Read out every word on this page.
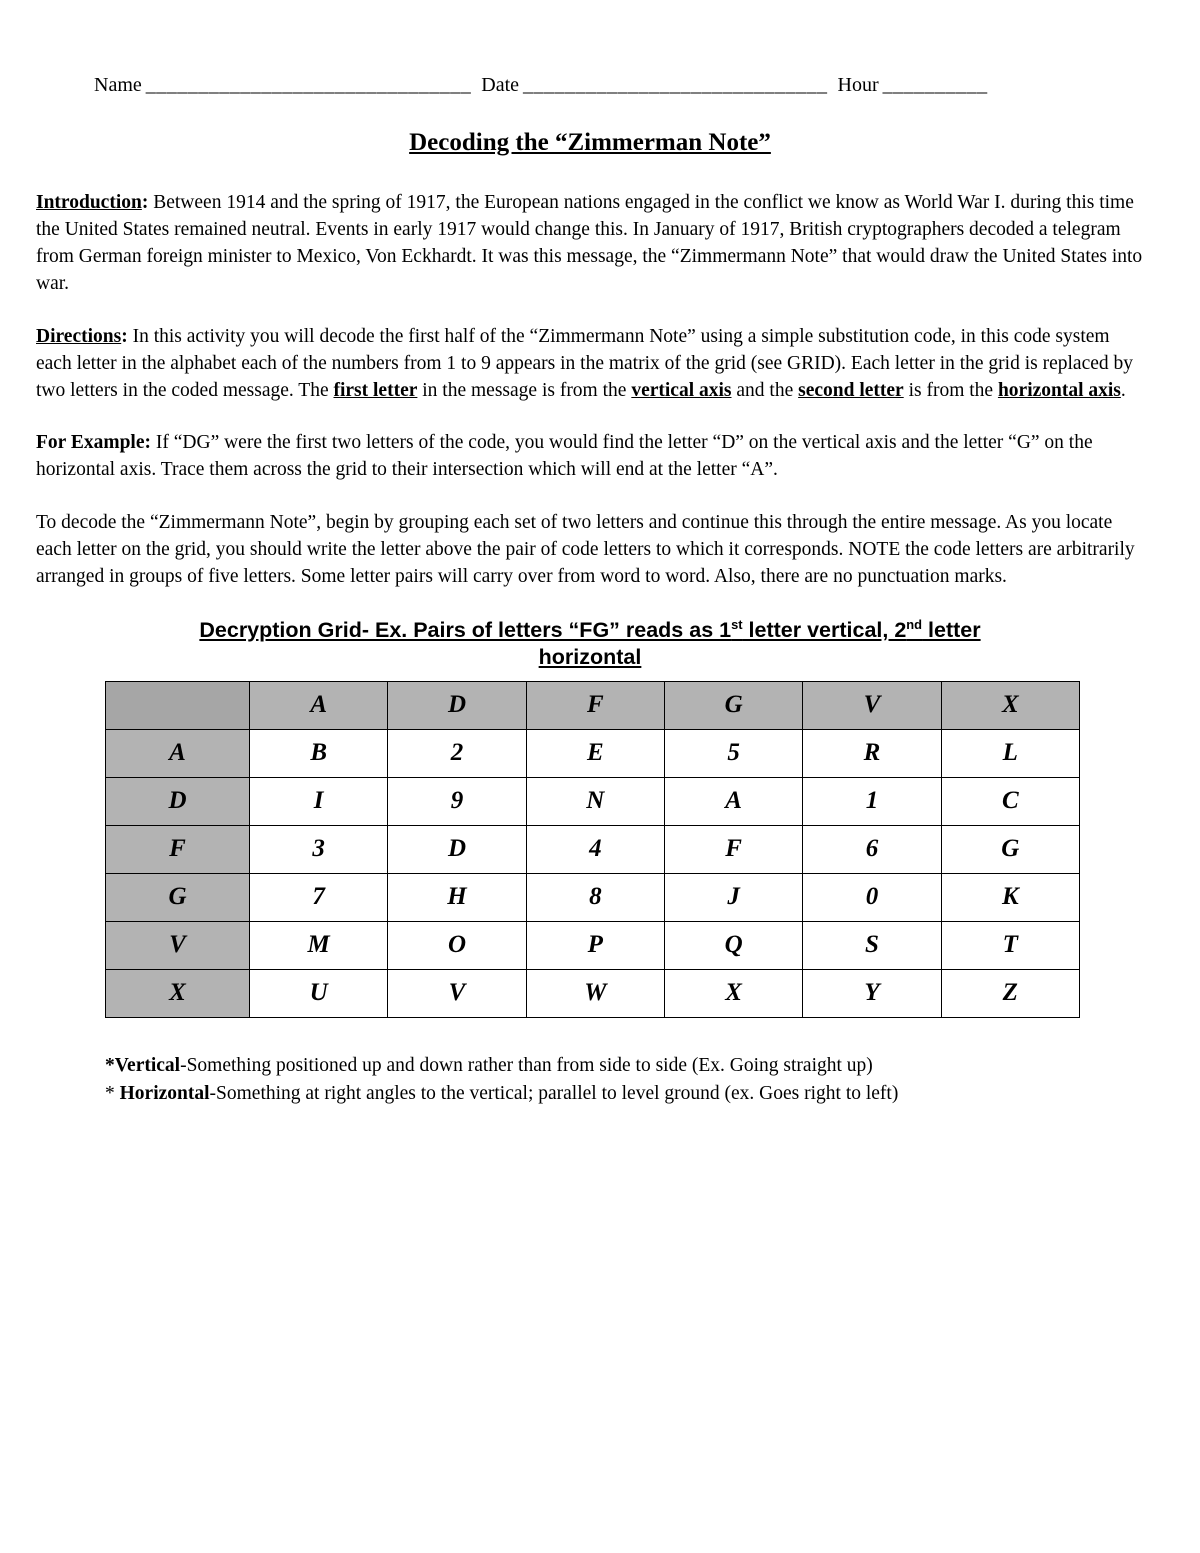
Name _______________________________ Date _____________________________ Hour __________
Decoding the “Zimmerman Note”

Introduction: Between 1914 and the spring of 1917, the European nations engaged in the conflict we know as World War I. during this time the United States remained neutral. Events in early 1917 would change this. In January of 1917, British cryptographers decoded a telegram from German foreign minister to Mexico, Von Eckhardt. It was this message, the “Zimmermann Note” that would draw the United States into war.

Directions: In this activity you will decode the first half of the “Zimmermann Note” using a simple substitution code, in this code system each letter in the alphabet each of the numbers from 1 to 9 appears in the matrix of the grid (see GRID). Each letter in the grid is replaced by two letters in the coded message. The first letter in the message is from the vertical axis and the second letter is from the horizontal axis.

For Example: If “DG” were the first two letters of the code, you would find the letter “D” on the vertical axis and the letter “G” on the horizontal axis. Trace them across the grid to their intersection which will end at the letter “A”.

To decode the “Zimmermann Note”, begin by grouping each set of two letters and continue this through the entire message. As you locate each letter on the grid, you should write the letter above the pair of code letters to which it corresponds. NOTE the code letters are arbitrarily arranged in groups of five letters. Some letter pairs will carry over from word to word. Also, there are no punctuation marks.

Decryption Grid- Ex. Pairs of letters “FG” reads as 1st letter vertical, 2nd letter
horizontal
	A	D	F	G	V	X
A	B	2	E	5	R	L
D	I	9	N	A	1	C
F	3	D	4	F	6	G
G	7	H	8	J	0	K
V	M	O	P	Q	S	T
X	U	V	W	X	Y	Z
*Vertical-Something positioned up and down rather than from side to side (Ex. Going straight up)
* Horizontal-Something at right angles to the vertical; parallel to level ground (ex. Goes right to left)
